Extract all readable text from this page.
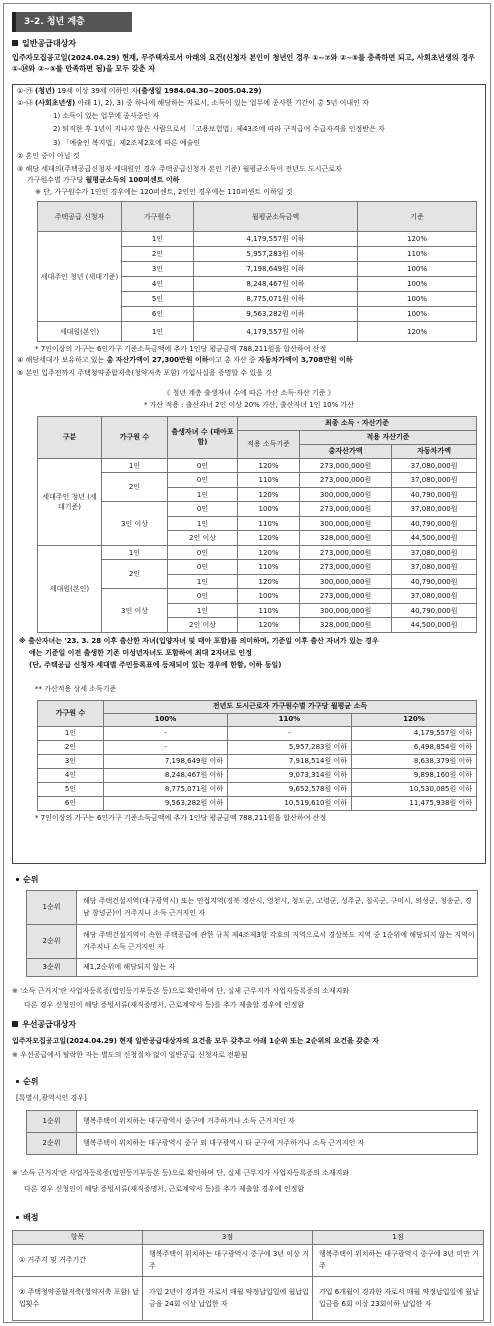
3-2. 청년 계층
일반공급대상자
입주자모집공고일(2024.04.29) 현재, 무주택자로서 아래의 요건(신청자 본인이 청년인 경우 ①~⑦와 ②~⑤를 충족하면 되고, 사회초년생의 경우 ①-⑭와 ②~⑤를 만족하면 됨)을 모두 갖춘 자
①-㉮ (청년) 19세 이상 39세 이하인 자(출생일 1984.04.30~2005.04.29)
①-㉯ (사회초년생) 아래 1), 2), 3) 중 하나에 해당하는 자로서, 소득이 있는 업무에 종사한 기간이 총 5년 이내인 자
1) 소득이 있는 업무에 종사중인 자
2) 퇴직한 후 1년이 지나지 않은 사람으로서 「고용보험법」제43조에 따라 구직급여 수급자격을 인정받은 자
3) 「예술인 복지법」제2조제2호에 따른 예술인
② 혼인 중이 아닐 것
③ 해당 세대의(주택공급신청자 세대원인 경우 주택공급신청자 본인 기준) 월평균소득이 전년도 도시근로자
가구원수별 가구당 월평균소득의 100퍼센트 이하
※ 단, 가구원수가 1인인 경우에는 120퍼센트, 2인인 경우에는 110퍼센트 이하일 것
주택공급 신청자	가구원수	월평균소득금액	기준
세대주인 청년 (세대기준)	1인	4,179,557원 이하	120%
	2인	5,957,283원 이하	110%
	3인	7,198,649원 이하	100%
	4인	8,248,467원 이하	100%
	5인	8,775,071원 이하	100%
	6인	9,563,282원 이하	100%
세대원(본인)	1인	4,179,557원 이하	120%
* 7인이상의 가구는 6인가구 기준소득금액에 추가 1인당 평균금액 788,211원을 합산하여 산정
④ 해당세대가 보유하고 있는 총 자산가액이 27,300만원 이하이고 총 자산 중 자동차가액이 3,708만원 이하
⑤ 본인 입주전까지 주택청약종합저축(청약저축 포함) 가입사실을 증명할 수 있을 것
《 청년 계층 출생자녀 수에 따른 가산 소득·자산 기준 》
* 가산 적용 : 출산자녀 2인 이상 20% 가산, 출산자녀 1인 10% 가산
구분	가구원 수	출생자녀 수 (태아포함)	최종 소득 · 자산기준		
			적용 소득기준	적용 자산기준	
				총자산가액	자동차가액
세대주인 청년 (세대기준)	1인	0인	120%	273,000,000원	37,080,000원
	2인	0인	110%	273,000,000원	37,080,000원
		1인	120%	300,000,000원	40,790,000원
	3인 이상	0인	100%	273,000,000원	37,080,000원
		1인	110%	300,000,000원	40,790,000원
		2인 이상	120%	328,000,000원	44,500,000원
세대원(본인)	1인	0인	120%	273,000,000원	37,080,000원
	2인	0인	110%	273,000,000원	37,080,000원
		1인	120%	300,000,000원	40,790,000원
	3인 이상	0인	100%	273,000,000원	37,080,000원
		1인	110%	300,000,000원	40,790,000원
		2인 이상	120%	328,000,000원	44,500,000원
※ 출산자녀는 '23. 3. 28 이후 출산한 자녀(입양자녀 및 태아 포함)를 의미하며, 기준일 이후 출산 자녀가 있는 경우
에는 기준일 이전 출생한 기존 미성년자녀도 포함하여 최대 2자녀로 인정
(단, 주택공급 신청자 세대별 주민등록표에 등재되어 있는 경우에 한함, 이하 동일)
** 가산적용 상세 소득기준
가구원 수	전년도 도시근로자 가구원수별 가구당 월평균 소득		
	100%	110%	120%
1인	-	-	4,179,557원 이하
2인	-	5,957,283원 이하	6,498,854원 이하
3인	7,198,649원 이하	7,918,514원 이하	8,638,379원 이하
4인	8,248,467원 이하	9,073,314원 이하	9,898,160원 이하
5인	8,775,071원 이하	9,652,578원 이하	10,530,085원 이하
6인	9,563,282원 이하	10,519,610원 이하	11,475,938원 이하
* 7인이상의 가구는 6인가구 기준소득금액에 추가 1인당 평균금액 788,211원을 합산하여 산정
순위
1순위	해당 주택건설지역(대구광역시) 또는 연접지역(경북 경산시, 영천시, 청도군, 고령군, 성주군, 칠곡군, 구미시, 의성군, 청송군, 경남 창녕군)이 거주지나 소득 근거지인 자
2순위	해당 주택건설지역이 속한 주택공급에 관한 규칙 제4조제3항 각호의 지역으로서 경상북도 지역 중 1순위에 해당되지 않는 지역이 거주지나 소득 근거지인 자
3순위	제1,2순위에 해당되지 않는 자
※ '소득 근거지'란 사업자등록증(법인등기부등본 등)으로 확인하며 단, 실제 근무지가 사업자등록증의 소재지와
다른 경우 신청인이 해당 증빙서류(재직증명서, 근로계약서 등)를 추가 제출할 경우에 인정함
우선공급대상자
입주자모집공고일(2024.04.29) 현재 일반공급대상자의 요건을 모두 갖추고 아래 1순위 또는 2순위의 요건을 갖춘 자
※ 우선공급에서 탈락한 자는 별도의 신청절차 없이 일반공급 신청자로 전환됨
순위
[특별시,광역시인 경우]
1순위	행복주택이 위치하는 대구광역시 중구에 거주하거나 소득 근거지인 자
2순위	행복주택이 위치하는 대구광역시 중구 외 대구광역시 타 군구에 거주하거나 소득 근거지인 자
※ '소득 근거지'란 사업자등록증(법인등기부등본 등)으로 확인하며 단, 실제 근무지가 사업자등록증의 소재지와
다른 경우 신청인이 해당 증빙서류(재직증명서, 근로계약서 등)를 추가 제출할 경우에 인정함
배점
항목	3점	1점
① 거주지 및 거주기간	행복주택이 위치하는 대구광역시 중구에 3년 이상 거주	행복주택이 위치하는 대구광역시 중구에 3년 미만 거주
② 주택청약종합저축(청약저축 포함) 납입횟수	가입 2년이 경과한 자로서 매월 약정납입일에 월납입금을 24회 이상 납입한 자	가입 6개월이 경과한 자로서 매월 약정납입일에 월납입금을 6회 이상 23회이하 납입한 자
